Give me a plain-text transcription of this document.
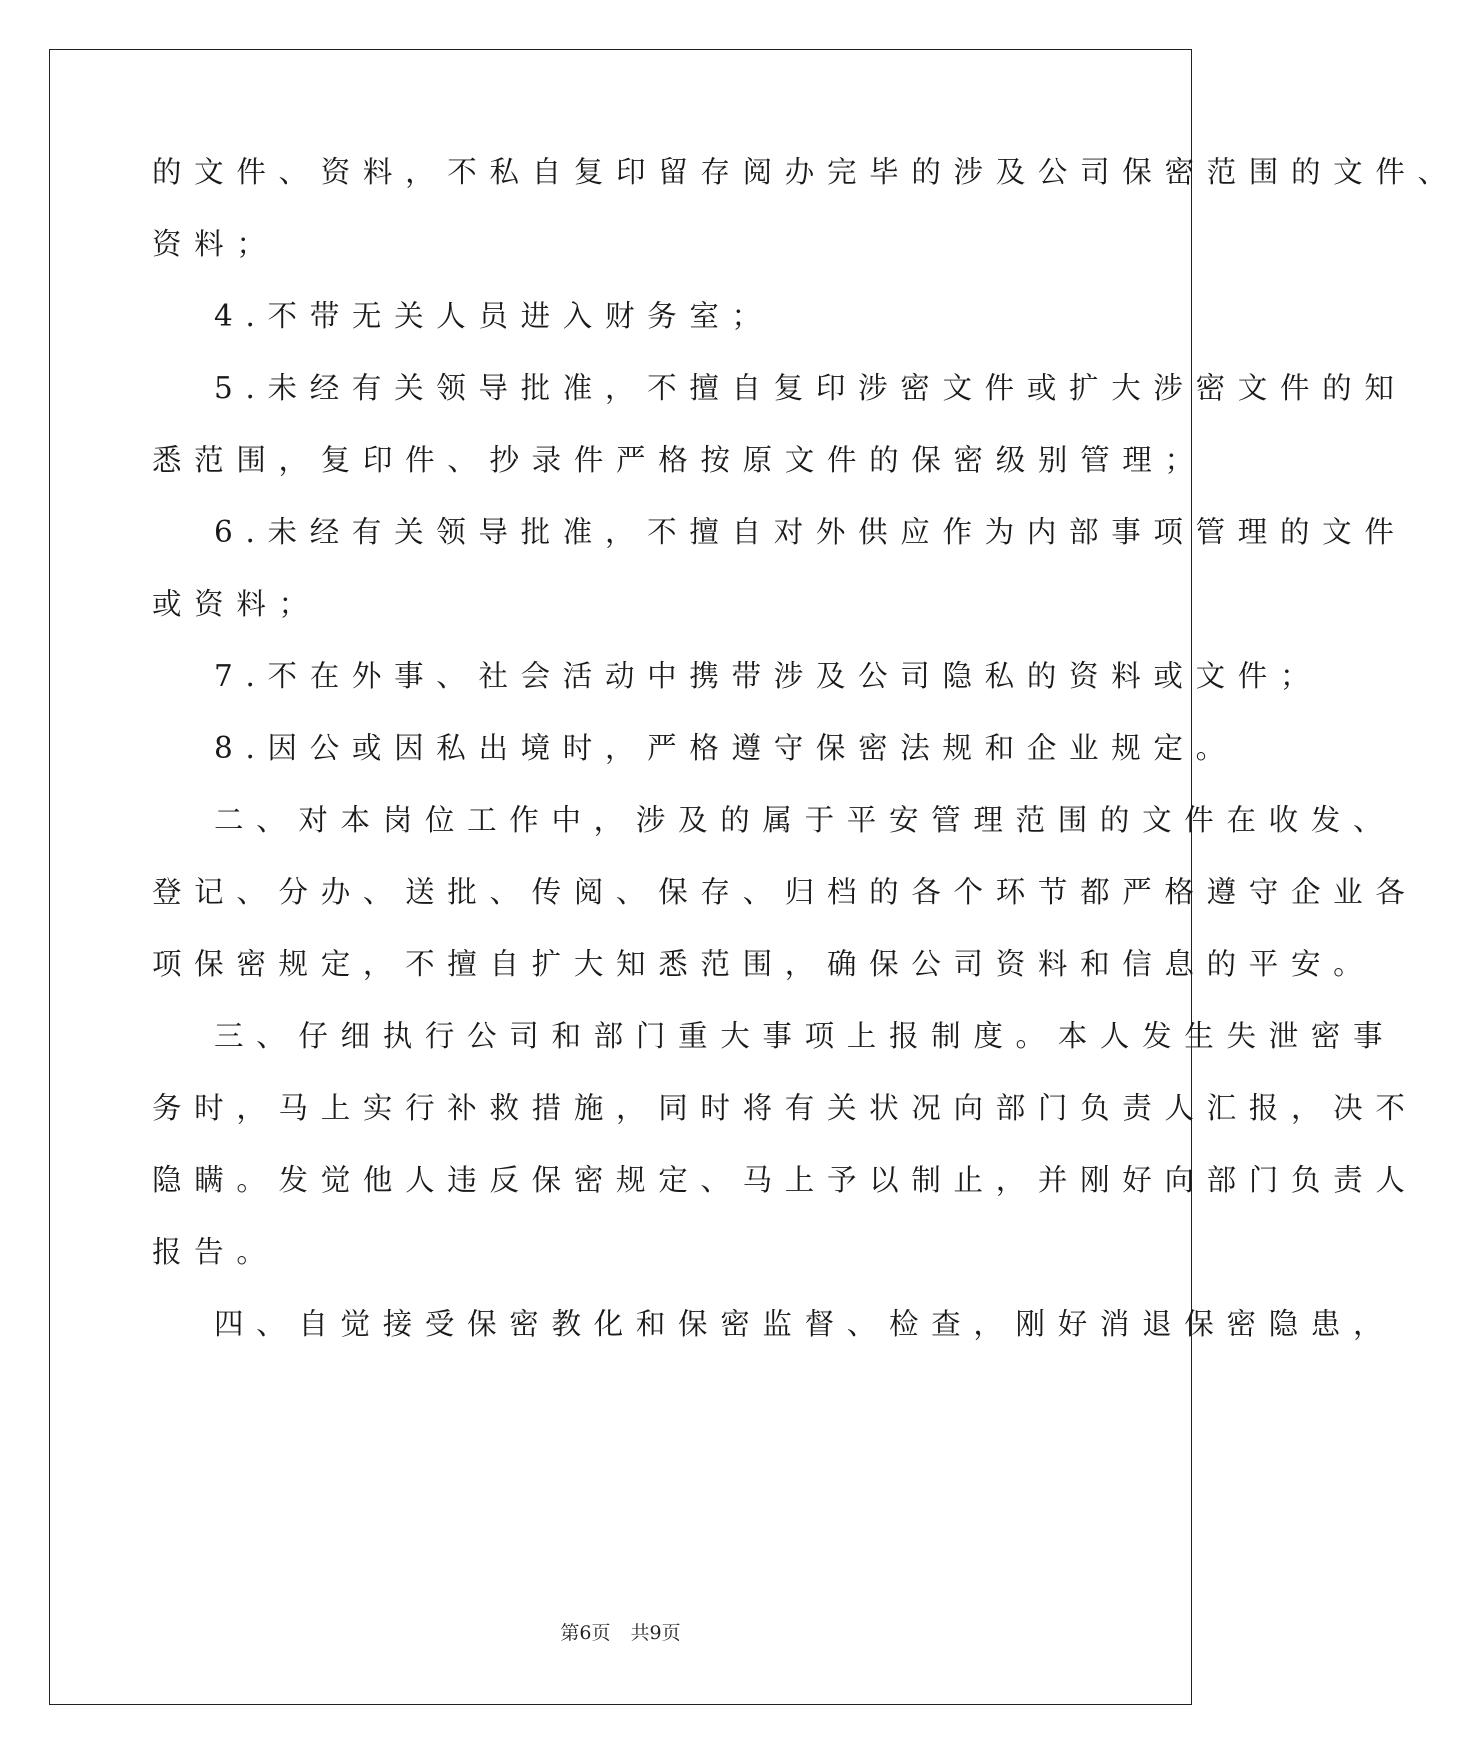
的文件、资料，不私自复印留存阅办完毕的涉及公司保密范围的文件、
资料；
4.不带无关人员进入财务室；
5.未经有关领导批准，不擅自复印涉密文件或扩大涉密文件的知
悉范围，复印件、抄录件严格按原文件的保密级别管理；
6.未经有关领导批准，不擅自对外供应作为内部事项管理的文件
或资料；
7.不在外事、社会活动中携带涉及公司隐私的资料或文件；
8.因公或因私出境时，严格遵守保密法规和企业规定。
二、对本岗位工作中，涉及的属于平安管理范围的文件在收发、
登记、分办、送批、传阅、保存、归档的各个环节都严格遵守企业各
项保密规定，不擅自扩大知悉范围，确保公司资料和信息的平安。
三、仔细执行公司和部门重大事项上报制度。本人发生失泄密事
务时，马上实行补救措施，同时将有关状况向部门负责人汇报，决不
隐瞒。发觉他人违反保密规定、马上予以制止，并刚好向部门负责人
报告。
四、自觉接受保密教化和保密监督、检查，刚好消退保密隐患，
第6页 共9页
